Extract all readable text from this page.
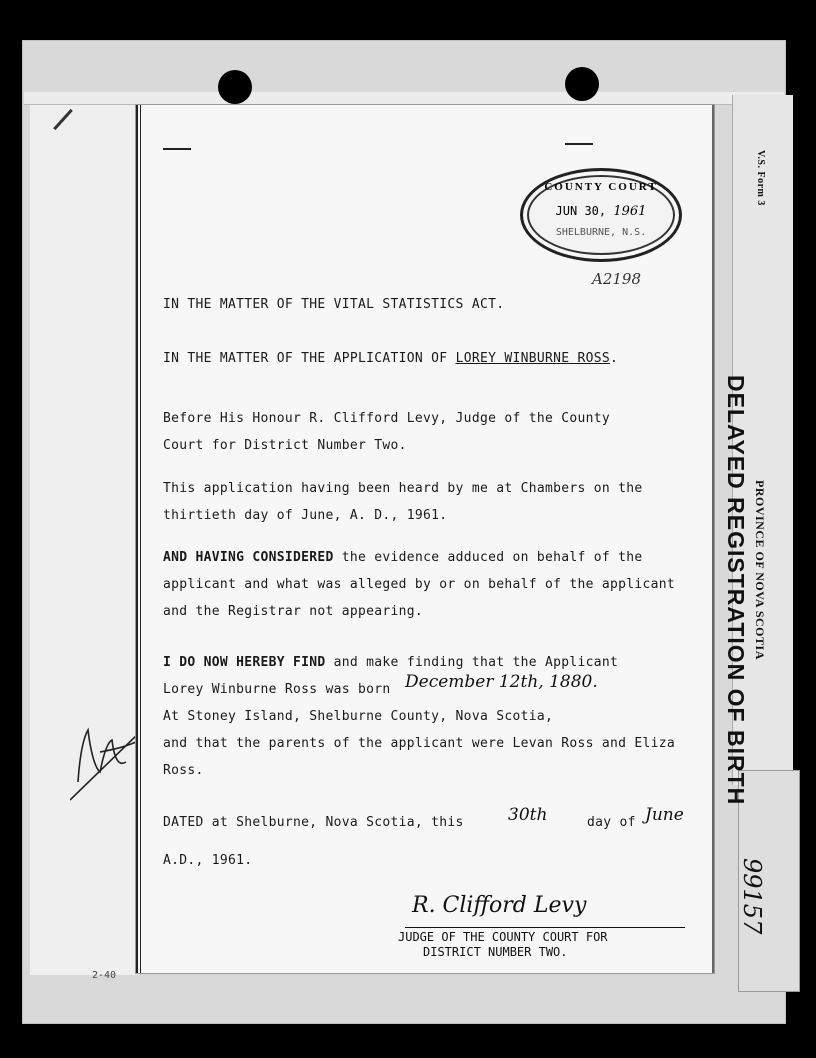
V.S. Form 3
DELAYED REGISTRATION OF BIRTH PROVINCE OF NOVA SCOTIA
99157
2-40
COUNTY COURT
JUN 30, 1961
SHELBURNE, N.S.
A2198
IN THE MATTER OF THE VITAL STATISTICS ACT.
IN THE MATTER OF THE APPLICATION OF LOREY WINBURNE ROSS.
Before His Honour R. Clifford Levy, Judge of the County
Court for District Number Two.
This application having been heard by me at Chambers on the
thirtieth day of June, A. D., 1961.
AND HAVING CONSIDERED the evidence adduced on behalf of the
applicant and what was alleged by or on behalf of the applicant
and the Registrar not appearing.
I DO NOW HEREBY FIND and make finding that the Applicant
Lorey Winburne Ross was born December 12th, 1880.
At Stoney Island, Shelburne County, Nova Scotia,
and that the parents of the applicant were Levan Ross and Eliza
Ross.
DATED at Shelburne, Nova Scotia, this	30th	day of June
A.D., 1961.
R. Clifford Levy
JUDGE OF THE COUNTY COURT FOR
DISTRICT NUMBER TWO.
